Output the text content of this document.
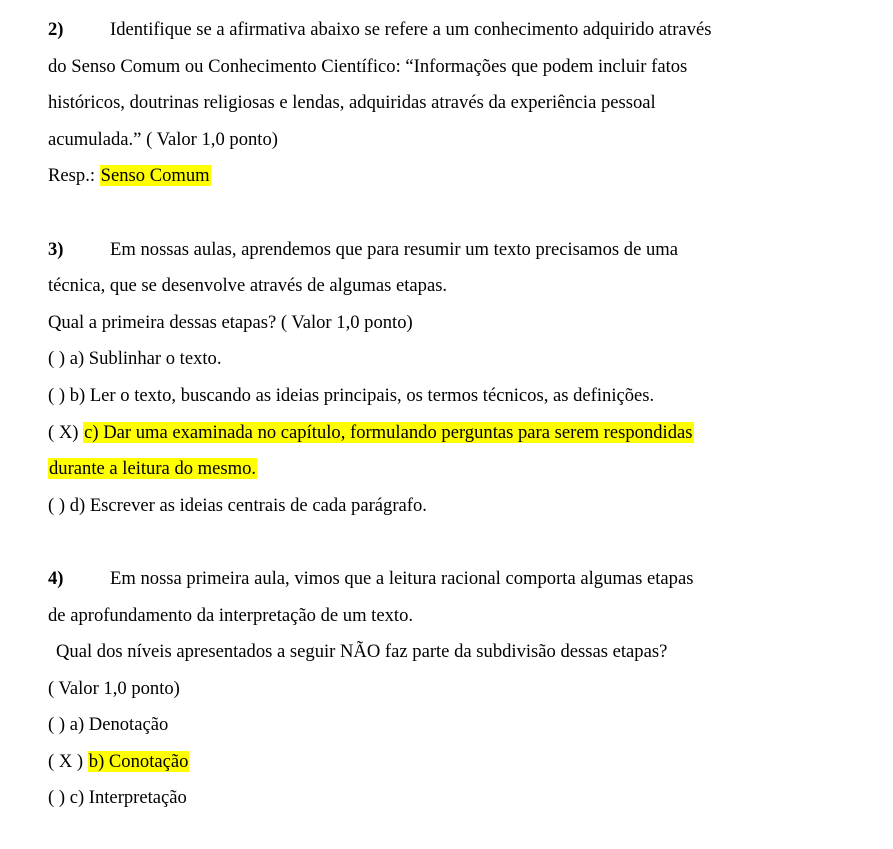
2)	Identifique se a afirmativa abaixo se refere a um conhecimento adquirido através
do Senso Comum ou Conhecimento Científico: “Informações que podem incluir fatos
históricos, doutrinas religiosas e lendas, adquiridas através da experiência pessoal
acumulada.” ( Valor 1,0 ponto)
Resp.: Senso Comum
3)	Em nossas aulas, aprendemos que para resumir um texto precisamos de uma
técnica, que se desenvolve através de algumas etapas.
Qual a primeira dessas etapas? ( Valor 1,0 ponto)
( ) a) Sublinhar o texto.
( ) b) Ler o texto, buscando as ideias principais, os termos técnicos, as definições.
( X) c) Dar uma examinada no capítulo, formulando perguntas para serem respondidas
durante a leitura do mesmo.
( ) d) Escrever as ideias centrais de cada parágrafo.
4)	Em nossa primeira aula, vimos que a leitura racional comporta algumas etapas
de aprofundamento da interpretação de um texto.
Qual dos níveis apresentados a seguir NÃO faz parte da subdivisão dessas etapas?
( Valor 1,0 ponto)
( ) a) Denotação
( X ) b) Conotação
( ) c) Interpretação
